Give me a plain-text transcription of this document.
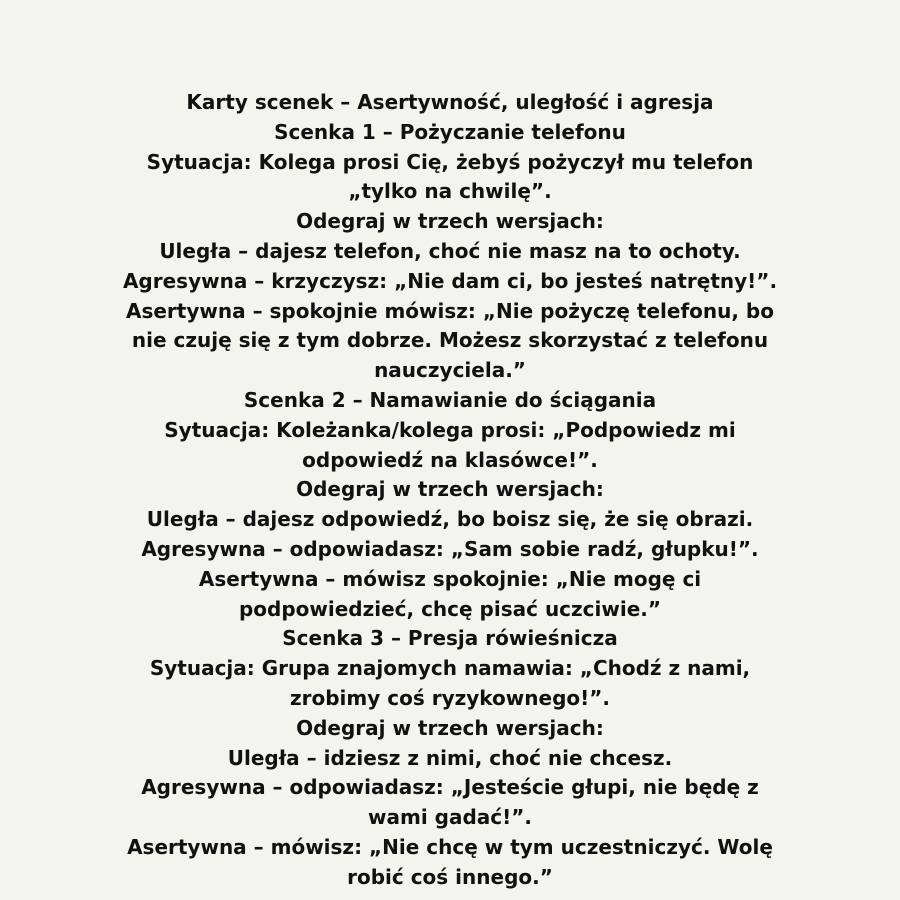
Karty scenek – Asertywność, uległość i agresja
Scenka 1 – Pożyczanie telefonu
Sytuacja: Kolega prosi Cię, żebyś pożyczył mu telefon
„tylko na chwilę”.
Odegraj w trzech wersjach:
Uległa – dajesz telefon, choć nie masz na to ochoty.
Agresywna – krzyczysz: „Nie dam ci, bo jesteś natrętny!”.
Asertywna – spokojnie mówisz: „Nie pożyczę telefonu, bo
nie czuję się z tym dobrze. Możesz skorzystać z telefonu
nauczyciela.”
Scenka 2 – Namawianie do ściągania
Sytuacja: Koleżanka/kolega prosi: „Podpowiedz mi
odpowiedź na klasówce!”.
Odegraj w trzech wersjach:
Uległa – dajesz odpowiedź, bo boisz się, że się obrazi.
Agresywna – odpowiadasz: „Sam sobie radź, głupku!”.
Asertywna – mówisz spokojnie: „Nie mogę ci
podpowiedzieć, chcę pisać uczciwie.”
Scenka 3 – Presja rówieśnicza
Sytuacja: Grupa znajomych namawia: „Chodź z nami,
zrobimy coś ryzykownego!”.
Odegraj w trzech wersjach:
Uległa – idziesz z nimi, choć nie chcesz.
Agresywna – odpowiadasz: „Jesteście głupi, nie będę z
wami gadać!”.
Asertywna – mówisz: „Nie chcę w tym uczestniczyć. Wolę
robić coś innego.”
